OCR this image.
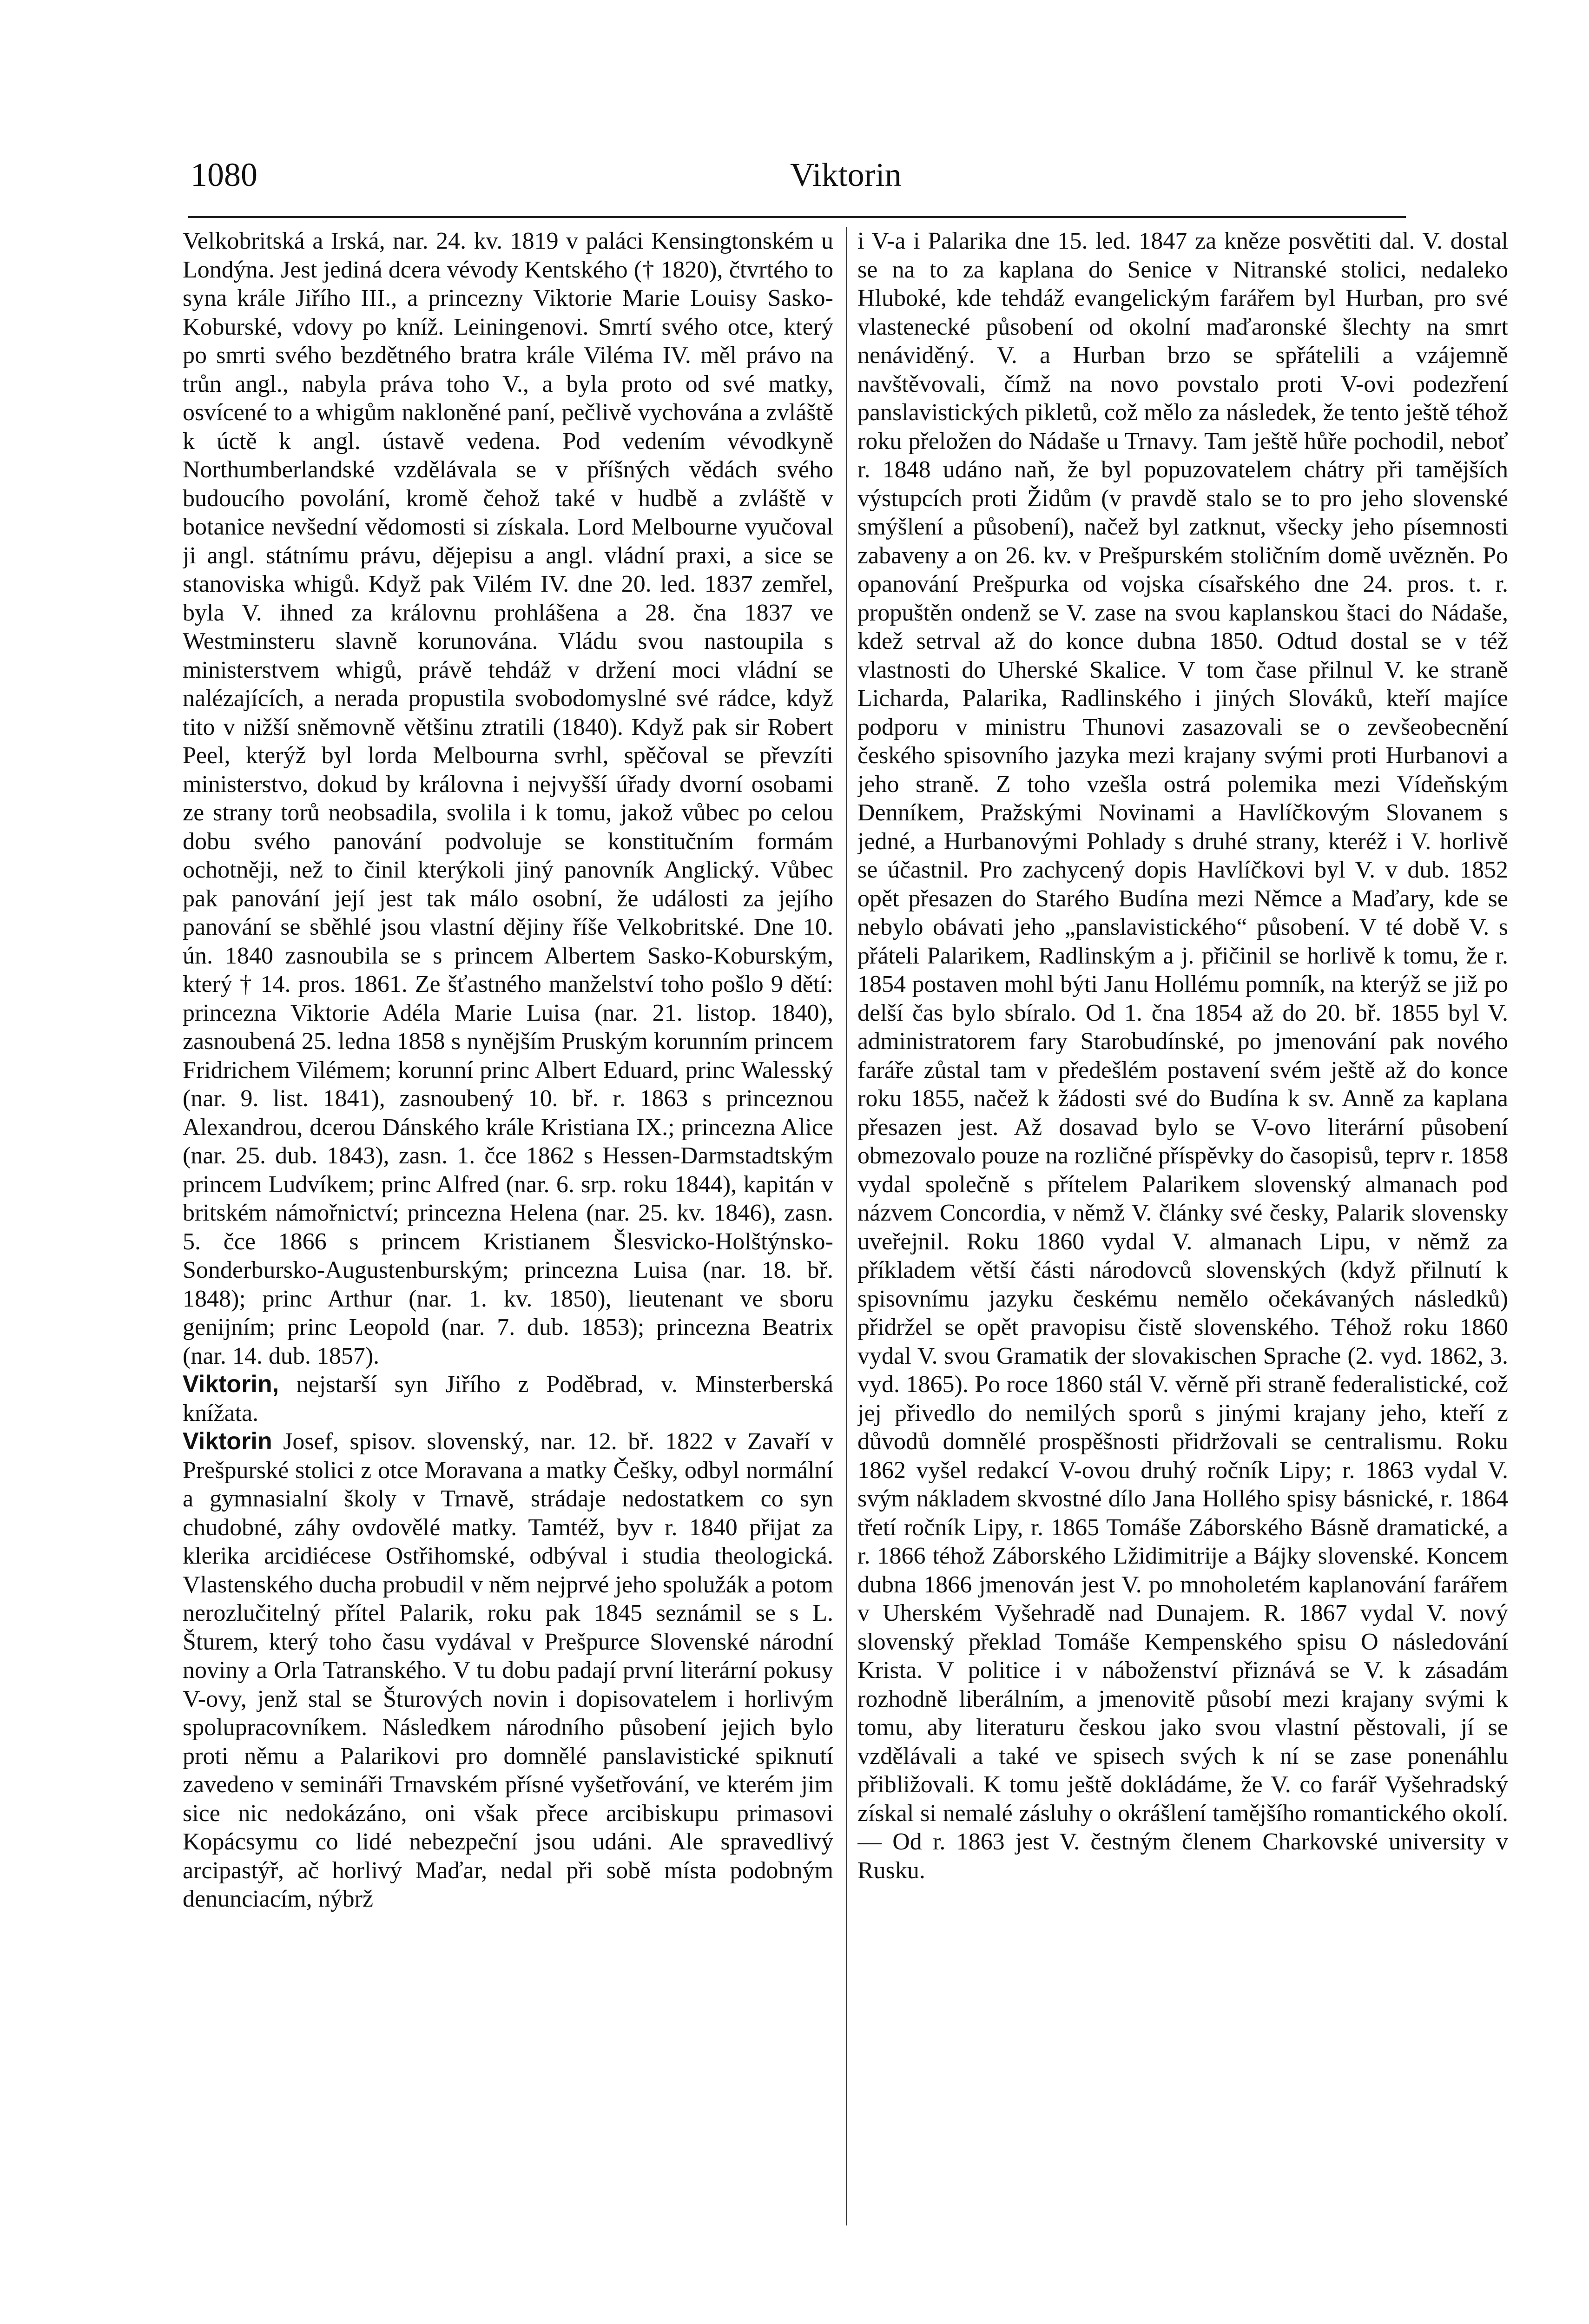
1080	Viktorin

Velkobritská a Irská, nar. 24. kv. 1819 v paláci Kensingtonském u Londýna. Jest jediná dcera vévody Kentského († 1820), čtvrtého to syna krále Jiřího III., a princezny Viktorie Marie Louisy Sasko-Koburské, vdovy po kníž. Leiningenovi. Smrtí svého otce, který po smrti svého bezdětného bratra krále Viléma IV. měl právo na trůn angl., nabyla práva toho V., a byla proto od své matky, osvícené to a whigům nakloněné paní, pečlivě vychována a zvláště k úctě k angl. ústavě vedena. Pod vedením vévodkyně Northumberlandské vzdělávala se v příšných vědách svého budoucího povolání, kromě čehož také v hudbě a zvláště v botanice nevšední vědomosti si získala. Lord Melbourne vyučoval ji angl. státnímu právu, dějepisu a angl. vládní praxi, a sice se stanoviska whigů. Když pak Vilém IV. dne 20. led. 1837 zemřel, byla V. ihned za královnu prohlášena a 28. čna 1837 ve Westminsteru slavně korunována. Vládu svou nastoupila s ministerstvem whigů, právě tehdáž v držení moci vládní se nalézajících, a nerada propustila svobodomyslné své rádce, když tito v nižší sněmovně většinu ztratili (1840). Když pak sir Robert Peel, kterýž byl lorda Melbourna svrhl, spěčoval se převzíti ministerstvo, dokud by královna i nejvyšší úřady dvorní osobami ze strany torů neobsadila, svolila i k tomu, jakož vůbec po celou dobu svého panování podvoluje se konstitučním formám ochotněji, než to činil kterýkoli jiný panovník Anglický. Vůbec pak panování její jest tak málo osobní, že události za jejího panování se sběhlé jsou vlastní dějiny říše Velkobritské. Dne 10. ún. 1840 zasnoubila se s princem Albertem Sasko-Koburským, který † 14. pros. 1861. Ze šťastného manželství toho pošlo 9 dětí: princezna Viktorie Adéla Marie Luisa (nar. 21. listop. 1840), zasnoubená 25. ledna 1858 s nynějším Pruským korunním princem Fridrichem Vilémem; korunní princ Albert Eduard, princ Walesský (nar. 9. list. 1841), zasnoubený 10. bř. r. 1863 s princeznou Alexandrou, dcerou Dánského krále Kristiana IX.; princezna Alice (nar. 25. dub. 1843), zasn. 1. čce 1862 s Hessen-Darmstadtským princem Ludvíkem; princ Alfred (nar. 6. srp. roku 1844), kapitán v britském námořnictví; princezna Helena (nar. 25. kv. 1846), zasn. 5. čce 1866 s princem Kristianem Šlesvicko-Holštýnsko-Sonderbursko-Augustenburským; princezna Luisa (nar. 18. bř. 1848); princ Arthur (nar. 1. kv. 1850), lieutenant ve sboru genijním; princ Leopold (nar. 7. dub. 1853); princezna Beatrix (nar. 14. dub. 1857).

Viktorin, nejstarší syn Jiřího z Poděbrad, v. Minsterberská knížata.

Viktorin Josef, spisov. slovenský, nar. 12. bř. 1822 v Zavaří v Prešpurské stolici z otce Moravana a matky Češky, odbyl normální a gymnasialní školy v Trnavě, strádaje nedostatkem co syn chudobné, záhy ovdovělé matky. Tamtéž, byv r. 1840 přijat za klerika arcidiécese Ostřihomské, odbýval i studia theologická. Vlastenského ducha probudil v něm nejprvé jeho spolužák a potom nerozlučitelný přítel Palarik, roku pak 1845 seznámil se s L. Šturem, který toho času vydával v Prešpurce Slovenské národní noviny a Orla Tatranského. V tu dobu padají první literární pokusy V-ovy, jenž stal se Šturových novin i dopisovatelem i horlivým spolupracovníkem. Následkem národního působení jejich bylo proti němu a Palarikovi pro domnělé panslavistické spiknutí zavedeno v semináři Trnavském přísné vyšetřování, ve kterém jim sice nic nedokázáno, oni však přece arcibiskupu primasovi Kopácsymu co lidé nebezpeční jsou udáni. Ale spravedlivý arcipastýř, ač horlivý Maďar, nedal při sobě místa podobným denunciacím, nýbrž

i V-a i Palarika dne 15. led. 1847 za kněze posvětiti dal. V. dostal se na to za kaplana do Senice v Nitranské stolici, nedaleko Hluboké, kde tehdáž evangelickým farářem byl Hurban, pro své vlastenecké působení od okolní maďaronské šlechty na smrt nenáviděný. V. a Hurban brzo se spřátelili a vzájemně navštěvovali, čímž na novo povstalo proti V-ovi podezření panslavistických pikletů, což mělo za následek, že tento ještě téhož roku přeložen do Nádaše u Trnavy. Tam ještě hůře pochodil, neboť r. 1848 udáno naň, že byl popuzovatelem chátry při tamějších výstupcích proti Židům (v pravdě stalo se to pro jeho slovenské smýšlení a působení), načež byl zatknut, všecky jeho písemnosti zabaveny a on 26. kv. v Prešpurském stoličním domě uvězněn. Po opanování Prešpurka od vojska císařského dne 24. pros. t. r. propuštěn ondenž se V. zase na svou kaplanskou štaci do Nádaše, kdež setrval až do konce dubna 1850. Odtud dostal se v též vlastnosti do Uherské Skalice. V tom čase přilnul V. ke straně Licharda, Palarika, Radlinského i jiných Slováků, kteří majíce podporu v ministru Thunovi zasazovali se o zevšeobecnění českého spisovního jazyka mezi krajany svými proti Hurbanovi a jeho straně. Z toho vzešla ostrá polemika mezi Vídeňským Denníkem, Pražskými Novinami a Havlíčkovým Slovanem s jedné, a Hurbanovými Pohlady s druhé strany, kteréž i V. horlivě se účastnil. Pro zachycený dopis Havlíčkovi byl V. v dub. 1852 opět přesazen do Starého Budína mezi Němce a Maďary, kde se nebylo obávati jeho „panslavistického“ působení. V té době V. s přáteli Palarikem, Radlinským a j. přičinil se horlivě k tomu, že r. 1854 postaven mohl býti Janu Hollému pomník, na kterýž se již po delší čas bylo sbíralo. Od 1. čna 1854 až do 20. bř. 1855 byl V. administratorem fary Starobudínské, po jmenování pak nového faráře zůstal tam v předešlém postavení svém ještě až do konce roku 1855, načež k žádosti své do Budína k sv. Anně za kaplana přesazen jest. Až dosavad bylo se V-ovo literární působení obmezovalo pouze na rozličné příspěvky do časopisů, teprv r. 1858 vydal společně s přítelem Palarikem slovenský almanach pod názvem Concordia, v němž V. články své česky, Palarik slovensky uveřejnil. Roku 1860 vydal V. almanach Lipu, v němž za příkladem větší části národovců slovenských (když přilnutí k spisovnímu jazyku českému nemělo očekávaných následků) přidržel se opět pravopisu čistě slovenského. Téhož roku 1860 vydal V. svou Gramatik der slovakischen Sprache (2. vyd. 1862, 3. vyd. 1865). Po roce 1860 stál V. věrně při straně federalistické, což jej přivedlo do nemilých sporů s jinými krajany jeho, kteří z důvodů domnělé prospěšnosti přidržovali se centralismu. Roku 1862 vyšel redakcí V-ovou druhý ročník Lipy; r. 1863 vydal V. svým nákladem skvostné dílo Jana Hollého spisy básnické, r. 1864 třetí ročník Lipy, r. 1865 Tomáše Záborského Básně dramatické, a r. 1866 téhož Záborského Lžidimitrije a Bájky slovenské. Koncem dubna 1866 jmenován jest V. po mnoholetém kaplanování farářem v Uherském Vyšehradě nad Dunajem. R. 1867 vydal V. nový slovenský překlad Tomáše Kempenského spisu O následování Krista. V politice i v náboženství přiznává se V. k zásadám rozhodně liberálním, a jmenovitě působí mezi krajany svými k tomu, aby literaturu českou jako svou vlastní pěstovali, jí se vzdělávali a také ve spisech svých k ní se zase ponenáhlu přibližovali. K tomu ještě dokládáme, že V. co farář Vyšehradský získal si nemalé zásluhy o okrášlení tamějšího romantického okolí. — Od r. 1863 jest V. čestným členem Charkovské university v Rusku.
